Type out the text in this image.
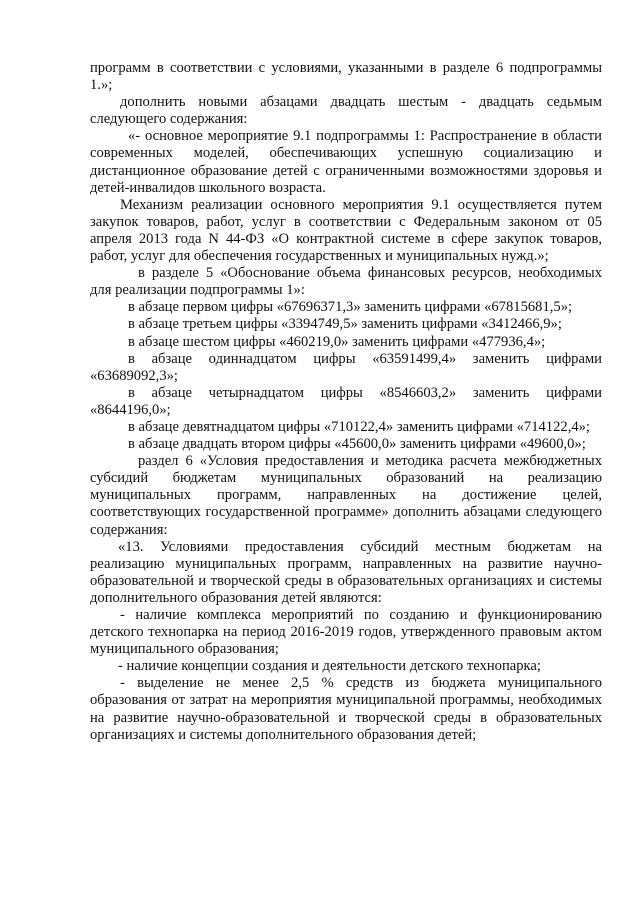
программ в соответствии с условиями, указанными в разделе 6 подпрограммы 1.»;

дополнить новыми абзацами двадцать шестым - двадцать седьмым следующего содержания:

«- основное мероприятие 9.1 подпрограммы 1: Распространение в области современных моделей, обеспечивающих успешную социализацию и дистанционное образование детей с ограниченными возможностями здоровья и детей-инвалидов школьного возраста.

Механизм реализации основного мероприятия 9.1 осуществляется путем закупок товаров, работ, услуг в соответствии с Федеральным законом от 05 апреля 2013 года N 44-ФЗ «О контрактной системе в сфере закупок товаров, работ, услуг для обеспечения государственных и муниципальных нужд.»;

в разделе 5 «Обоснование объема финансовых ресурсов, необходимых для реализации подпрограммы 1»:

в абзаце первом цифры «67696371,3» заменить цифрами «67815681,5»;

в абзаце третьем цифры «3394749,5» заменить цифрами «3412466,9»;

в абзаце шестом цифры «460219,0» заменить цифрами «477936,4»;

в абзаце одиннадцатом цифры «63591499,4» заменить цифрами «63689092,3»;

в абзаце четырнадцатом цифры «8546603,2» заменить цифрами «8644196,0»;

в абзаце девятнадцатом цифры «710122,4» заменить цифрами «714122,4»;

в абзаце двадцать втором цифры «45600,0» заменить цифрами «49600,0»;

раздел 6 «Условия предоставления и методика расчета межбюджетных субсидий бюджетам муниципальных образований на реализацию муниципальных программ, направленных на достижение целей, соответствующих государственной программе» дополнить абзацами следующего содержания:

«13. Условиями предоставления субсидий местным бюджетам на реализацию муниципальных программ, направленных на развитие научно-образовательной и творческой среды в образовательных организациях и системы дополнительного образования детей являются:

- наличие комплекса мероприятий по созданию и функционированию детского технопарка на период 2016-2019 годов, утвержденного правовым актом муниципального образования;

- наличие концепции создания и деятельности детского технопарка;

- выделение не менее 2,5 % средств из бюджета муниципального образования от затрат на мероприятия муниципальной программы, необходимых на развитие научно-образовательной и творческой среды в образовательных организациях и системы дополнительного образования детей;
